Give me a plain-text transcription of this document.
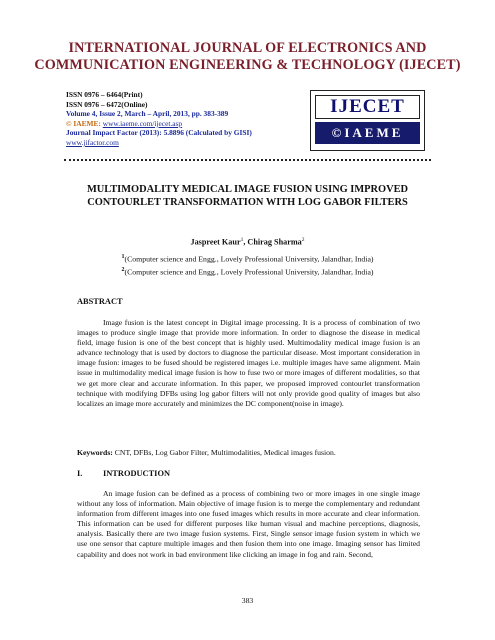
INTERNATIONAL JOURNAL OF ELECTRONICS AND
COMMUNICATION ENGINEERING & TECHNOLOGY (IJECET)
ISSN 0976 – 6464(Print)
ISSN 0976 – 6472(Online)
Volume 4, Issue 2, March – April, 2013, pp. 383-389
© IAEME: www.iaeme.com/ijecet.asp
Journal Impact Factor (2013): 5.8896 (Calculated by GISI)
www.jifactor.com
IJECET
©IAEME
MULTIMODALITY MEDICAL IMAGE FUSION USING IMPROVED
CONTOURLET TRANSFORMATION WITH LOG GABOR FILTERS
Jaspreet Kaur$^1$, Chirag Sharma$^2$
$^1$(Computer science and Engg., Lovely Professional University, Jalandhar, India)
$^2$(Computer science and Engg., Lovely Professional University, Jalandhar, India)
ABSTRACT
Image fusion is the latest concept in Digital image processing. It is a process of combination of two images to produce single image that provide more information. In order to diagnose the disease in medical field, image fusion is one of the best concept that is highly used. Multimodality medical image fusion is an advance technology that is used by doctors to diagnose the particular disease. Most important consideration in image fusion: images to be fused should be registered images i.e. multiple images have same alignment. Main issue in multimodality medical image fusion is how to fuse two or more images of different modalities, so that we get more clear and accurate information. In this paper, we proposed improved contourlet transformation technique with modifying DFBs using log gabor filters will not only provide good quality of images but also localizes an image more accurately and minimizes the DC component(noise in image).
Keywords: CNT, DFBs, Log Gabor Filter, Multimodalities, Medical images fusion.
I. INTRODUCTION
An image fusion can be defined as a process of combining two or more images in one single image without any loss of information. Main objective of image fusion is to merge the complementary and redundant information from different images into one fused images which results in more accurate and clear information. This information can be used for different purposes like human visual and machine perceptions, diagnosis, analysis. Basically there are two image fusion systems. First, Single sensor image fusion system in which we use one sensor that capture multiple images and then fusion them into one image. Imaging sensor has limited capability and does not work in bad environment like clicking an image in fog and rain. Second,
383
